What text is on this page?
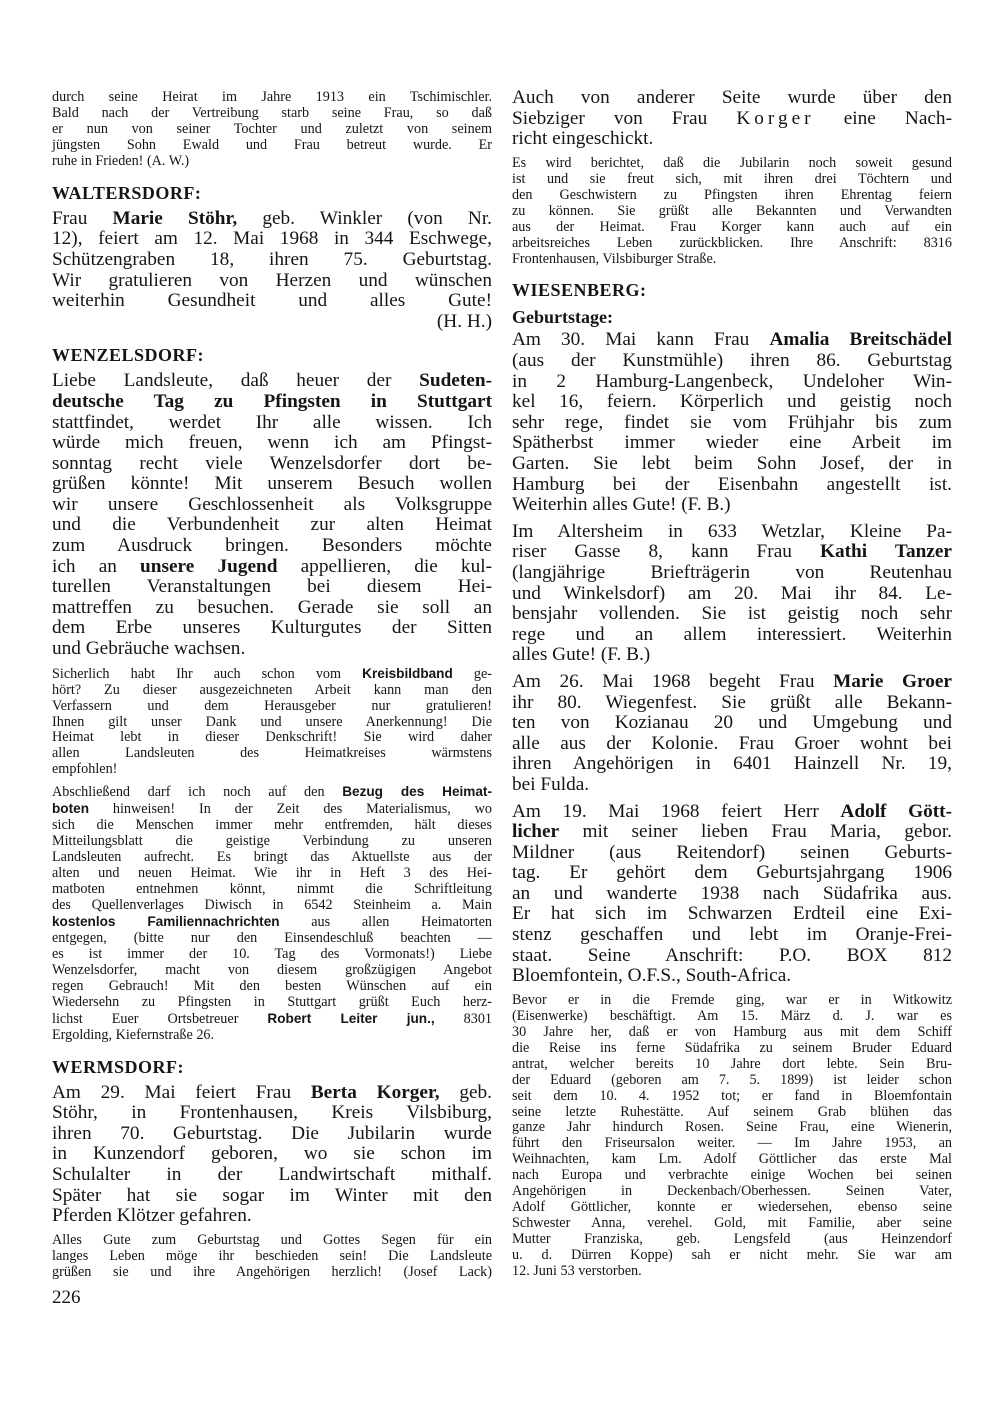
durch seine Heirat im Jahre 1913 ein Tschimischler.
Bald nach der Vertreibung starb seine Frau, so daß
er nun von seiner Tochter und zuletzt von seinem
jüngsten Sohn Ewald und Frau betreut wurde. Er
ruhe in Frieden! (A. W.)
WALTERSDORF:
Frau Marie Stöhr, geb. Winkler (von Nr.
12), feiert am 12. Mai 1968 in 344 Eschwege,
Schützengraben 18, ihren 75. Geburtstag.
Wir gratulieren von Herzen und wünschen
weiterhin Gesundheit und alles Gute!
(H. H.)
WENZELSDORF:
Liebe Landsleute, daß heuer der Sudeten-
deutsche Tag zu Pfingsten in Stuttgart
stattfindet, werdet Ihr alle wissen. Ich
würde mich freuen, wenn ich am Pfingst-
sonntag recht viele Wenzelsdorfer dort be-
grüßen könnte! Mit unserem Besuch wollen
wir unsere Geschlossenheit als Volksgruppe
und die Verbundenheit zur alten Heimat
zum Ausdruck bringen. Besonders möchte
ich an unsere Jugend appellieren, die kul-
turellen Veranstaltungen bei diesem Hei-
mattreffen zu besuchen. Gerade sie soll an
dem Erbe unseres Kulturgutes der Sitten
und Gebräuche wachsen.
Sicherlich habt Ihr auch schon vom Kreisbildband ge-
hört? Zu dieser ausgezeichneten Arbeit kann man den
Verfassern und dem Herausgeber nur gratulieren!
Ihnen gilt unser Dank und unsere Anerkennung! Die
Heimat lebt in dieser Denkschrift! Sie wird daher
allen Landsleuten des Heimatkreises wärmstens
empfohlen!
Abschließend darf ich noch auf den Bezug des Heimat-
boten hinweisen! In der Zeit des Materialismus, wo
sich die Menschen immer mehr entfremden, hält dieses
Mitteilungsblatt die geistige Verbindung zu unseren
Landsleuten aufrecht. Es bringt das Aktuellste aus der
alten und neuen Heimat. Wie ihr in Heft 3 des Hei-
matboten entnehmen könnt, nimmt die Schriftleitung
des Quellenverlages Diwisch in 6542 Steinheim a. Main
kostenlos Familiennachrichten aus allen Heimatorten
entgegen, (bitte nur den Einsendeschluß beachten —
es ist immer der 10. Tag des Vormonats!) Liebe
Wenzelsdorfer, macht von diesem großzügigen Angebot
regen Gebrauch! Mit den besten Wünschen auf ein
Wiedersehn zu Pfingsten in Stuttgart grüßt Euch herz-
lichst Euer Ortsbetreuer Robert Leiter jun., 8301
Ergolding, Kiefernstraße 26.
WERMSDORF:
Am 29. Mai feiert Frau Berta Korger, geb.
Stöhr, in Frontenhausen, Kreis Vilsbiburg,
ihren 70. Geburtstag. Die Jubilarin wurde
in Kunzendorf geboren, wo sie schon im
Schulalter in der Landwirtschaft mithalf.
Später hat sie sogar im Winter mit den
Pferden Klötzer gefahren.
Alles Gute zum Geburtstag und Gottes Segen für ein
langes Leben möge ihr beschieden sein! Die Landsleute
grüßen sie und ihre Angehörigen herzlich! (Josef Lack)
Auch von anderer Seite wurde über den
Siebziger von Frau Korger eine Nach-
richt eingeschickt.
Es wird berichtet, daß die Jubilarin noch soweit gesund
ist und sie freut sich, mit ihren drei Töchtern und
den Geschwistern zu Pfingsten ihren Ehrentag feiern
zu können. Sie grüßt alle Bekannten und Verwandten
aus der Heimat. Frau Korger kann auch auf ein
arbeitsreiches Leben zurückblicken. Ihre Anschrift: 8316
Frontenhausen, Vilsbiburger Straße.
WIESENBERG:
Geburtstage:
Am 30. Mai kann Frau Amalia Breitschädel
(aus der Kunstmühle) ihren 86. Geburtstag
in 2 Hamburg-Langenbeck, Undeloher Win-
kel 16, feiern. Körperlich und geistig noch
sehr rege, findet sie vom Frühjahr bis zum
Spätherbst immer wieder eine Arbeit im
Garten. Sie lebt beim Sohn Josef, der in
Hamburg bei der Eisenbahn angestellt ist.
Weiterhin alles Gute! (F. B.)
Im Altersheim in 633 Wetzlar, Kleine Pa-
riser Gasse 8, kann Frau Kathi Tanzer
(langjährige Briefträgerin von Reutenhau
und Winkelsdorf) am 20. Mai ihr 84. Le-
bensjahr vollenden. Sie ist geistig noch sehr
rege und an allem interessiert. Weiterhin
alles Gute! (F. B.)
Am 26. Mai 1968 begeht Frau Marie Groer
ihr 80. Wiegenfest. Sie grüßt alle Bekann-
ten von Kozianau 20 und Umgebung und
alle aus der Kolonie. Frau Groer wohnt bei
ihren Angehörigen in 6401 Hainzell Nr. 19,
bei Fulda.
Am 19. Mai 1968 feiert Herr Adolf Gött-
licher mit seiner lieben Frau Maria, gebor.
Mildner (aus Reitendorf) seinen Geburts-
tag. Er gehört dem Geburtsjahrgang 1906
an und wanderte 1938 nach Südafrika aus.
Er hat sich im Schwarzen Erdteil eine Exi-
stenz geschaffen und lebt im Oranje-Frei-
staat. Seine Anschrift: P.O. BOX 812
Bloemfontein, O.F.S., South-Africa.
Bevor er in die Fremde ging, war er in Witkowitz
(Eisenwerke) beschäftigt. Am 15. März d. J. war es
30 Jahre her, daß er von Hamburg aus mit dem Schiff
die Reise ins ferne Südafrika zu seinem Bruder Eduard
antrat, welcher bereits 10 Jahre dort lebte. Sein Bru-
der Eduard (geboren am 7. 5. 1899) ist leider schon
seit dem 10. 4. 1952 tot; er fand in Bloemfontain
seine letzte Ruhestätte. Auf seinem Grab blühen das
ganze Jahr hindurch Rosen. Seine Frau, eine Wienerin,
führt den Friseursalon weiter. — Im Jahre 1953, an
Weihnachten, kam Lm. Adolf Göttlicher das erste Mal
nach Europa und verbrachte einige Wochen bei seinen
Angehörigen in Deckenbach/Oberhessen. Seinen Vater,
Adolf Göttlicher, konnte er wiedersehen, ebenso seine
Schwester Anna, verehel. Gold, mit Familie, aber seine
Mutter Franziska, geb. Lengsfeld (aus Heinzendorf
u. d. Dürren Koppe) sah er nicht mehr. Sie war am
12. Juni 53 verstorben.
226
